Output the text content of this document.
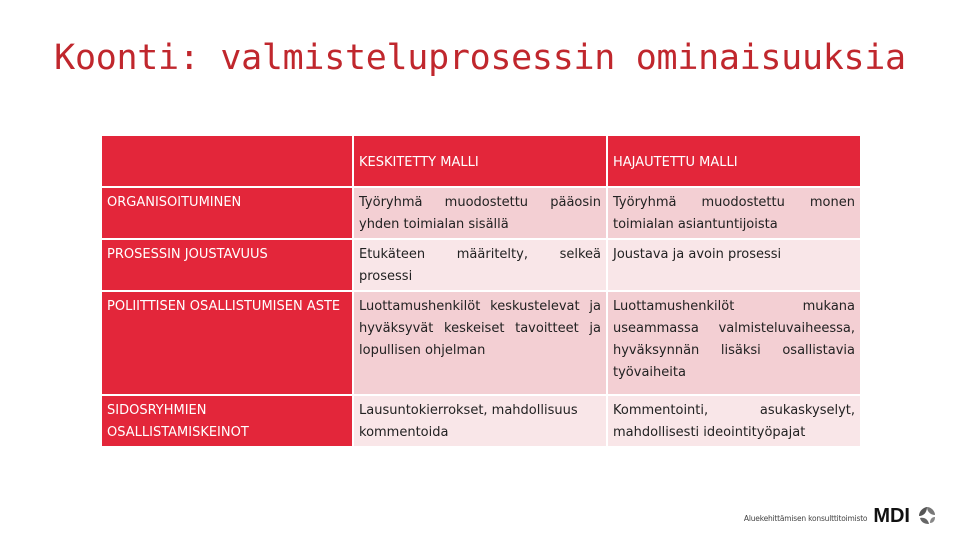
Koonti: valmisteluprosessin ominaisuuksia
	KESKITETTY MALLI	HAJAUTETTU MALLI
ORGANISOITUMINEN	Työryhmä muodostettu pääosin yhden toimialan sisällä	Työryhmä muodostettu monen toimialan asiantuntijoista
PROSESSIN JOUSTAVUUS	Etukäteen määritelty, selkeä prosessi	Joustava ja avoin prosessi
POLIITTISEN OSALLISTUMISEN ASTE	Luottamushenkilöt keskustelevat ja hyväksyvät keskeiset tavoitteet ja lopullisen ohjelman	Luottamushenkilöt mukana useammassa valmisteluvaiheessa, hyväksynnän lisäksi osallistavia työvaiheita
SIDOSRYHMIEN OSALLISTAMISKEINOT	Lausuntokierrokset, mahdollisuus kommentoida	Kommentointi, asukaskyselyt, mahdollisesti ideointityöpajat
Aluekehittämisen konsulttitoimisto MDI
